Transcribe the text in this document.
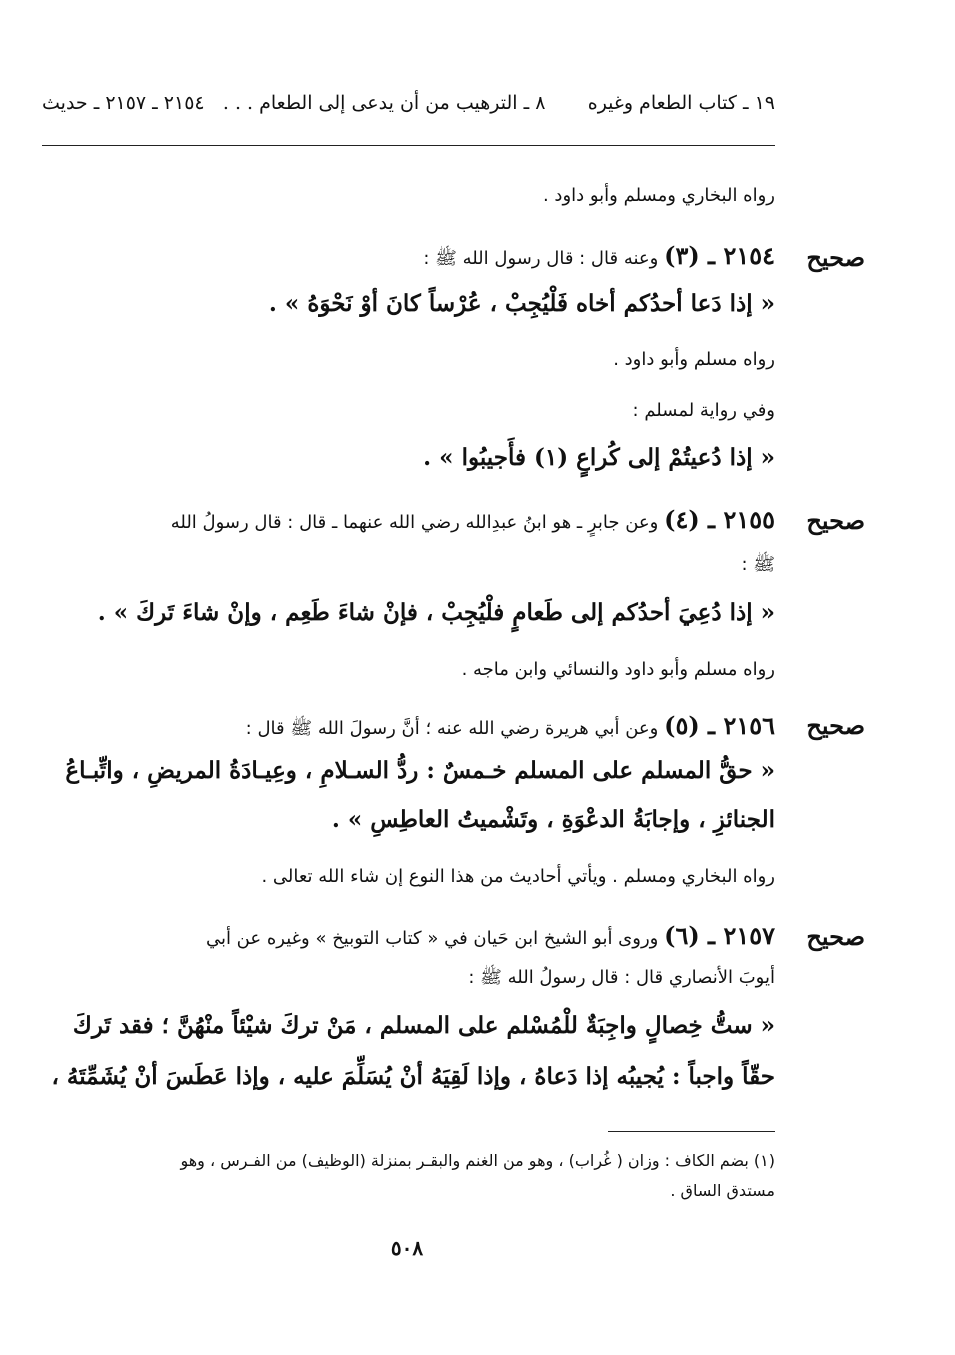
١٩ ـ كتاب الطعام وغيره       ٨ ـ الترهيب من أن يدعى إلى الطعام . . .
٢١٥٤ ـ ٢١٥٧ ـ حديث
رواه البخاري ومسلم وأبو داود .
صحيح
٢١٥٤ ـ (٣) وعنه قال : قال رسول الله ﷺ :
« إذا دَعا أحدُكم أخاه فَلْيُجِبْ ، عُرْساً كانَ أوْ نَحْوَهُ » .
رواه مسلم وأبو داود .
وفي رواية لمسلم :
« إذا دُعيتُمْ إلى كُراعٍ (١) فأَجيبُوا » .
صحيح
٢١٥٥ ـ (٤) وعن جابرٍ ـ هو ابنُ عبدِالله رضي الله عنهما ـ قال : قال رسولُ الله
ﷺ :
« إذا دُعِيَ أحدُكم إلى طَعامٍ فلْيُجِبْ ، فإنْ شاءَ طَعِم ، وإنْ شاءَ تَركَ » .
رواه مسلم وأبو داود والنسائي وابن ماجه .
صحيح
٢١٥٦ ـ (٥) وعن أبي هريرة رضي الله عنه ؛ أنَّ رسولَ الله ﷺ قال :
« حقُّ المسلم على المسلم خـمسٌ : ردُّ السـلامِ ، وعِيـادَةُ المريضِ ، واتِّبـاعُ
الجنائزِ ، وإجابَةُ الدعْوَةِ ، وتَشْميتُ العاطِسِ » .
رواه البخاري ومسلم . ويأتي أحاديث من هذا النوع إن شاء الله تعالى .
صحيح
٢١٥٧ ـ (٦) وروى أبو الشيخ ابن حَيان في « كتاب التوبيخ » وغيره عن أبي
أيوبَ الأنصاري قال : قال رسولُ الله ﷺ :
« ستُّ خِصالٍ واجِبَةٌ للْمُسْلم على المسلم ، مَنْ تركَ شيْئاً منْهُنَّ ؛ فقد تَركَ
حقّاً واجباً : يُجيبُه إذا دَعاهُ ، وإذا لَقِيَهُ أنْ يُسَلِّمَ عليه ، وإذا عَطَسَ أنْ يُشَمِّتَهُ ،
(١) بضم الكاف : وزان ( غُراب) ، وهو من الغنم والبقـر بمنزلة (الوظيف) من الفـرس ، وهو
مستدق الساق .
٥٠٨
